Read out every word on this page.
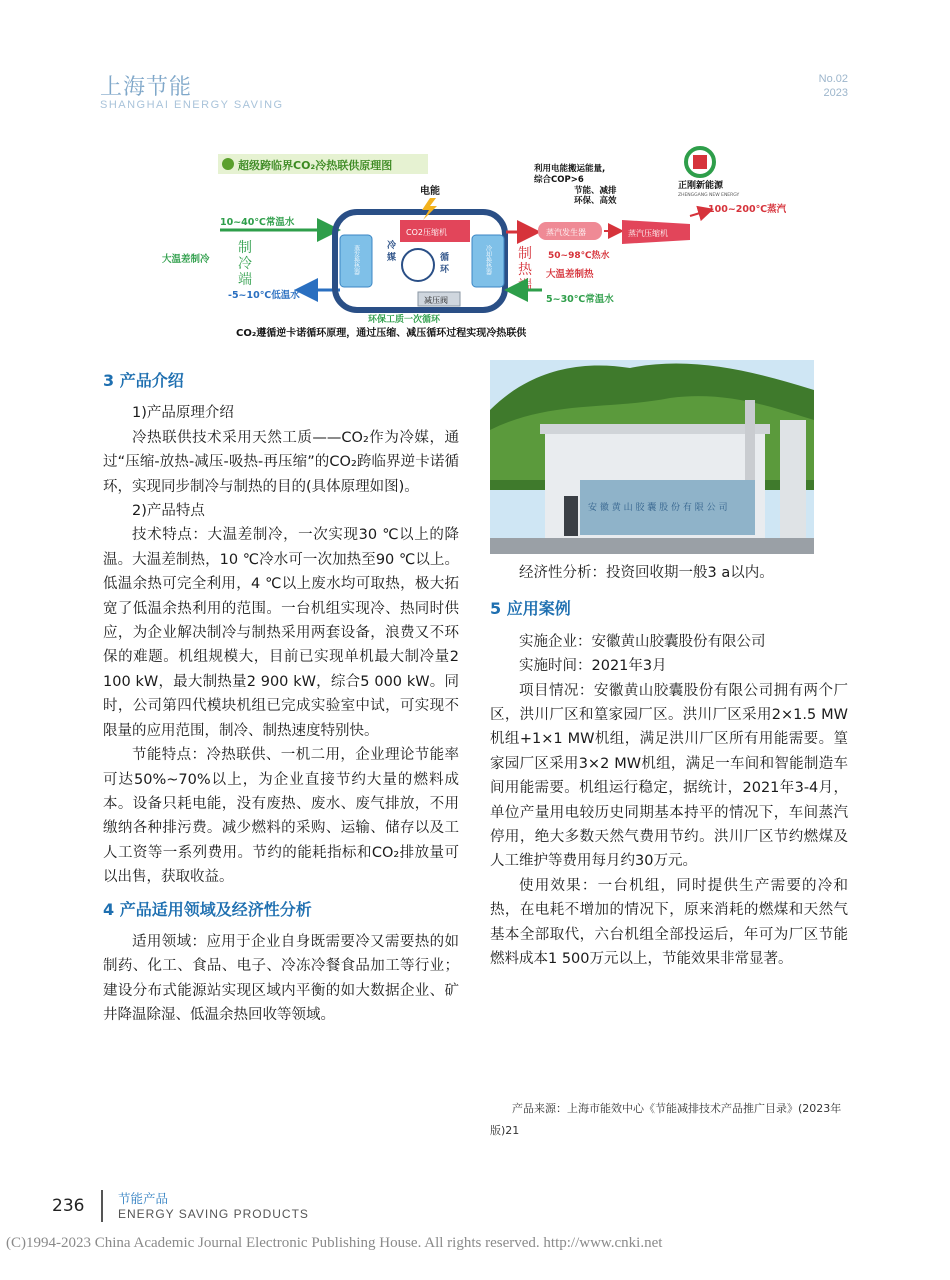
上海节能
SHANGHAI ENERGY SAVING
No.02
2023
超级跨临界CO₂冷热联供原理图
10~40℃常温水
大温差制冷
制
冷
端
-5~10℃低温水
蒸发换热器
CO2压缩机
电能
冷
媒	循
环	冷却换热器
减压阀
制
热
端
蒸汽发生器	蒸汽压缩机
100~200℃蒸汽
50~98℃热水
大温差制热
5~30℃常温水
利用电能搬运能量,
综合COP>6
节能、减排
环保、高效
正刚新能源
ZHENGGANG NEW ENERGY
环保工质一次循环
CO₂遵循逆卡诺循环原理，通过压缩、减压循环过程实现冷热联供
安 徽 黄 山 胶 囊 股 份 有 限 公 司
3 产品介绍

1)产品原理介绍

冷热联供技术采用天然工质——CO₂作为冷媒，通过“压缩-放热-减压-吸热-再压缩”的CO₂跨临界逆卡诺循环，实现同步制冷与制热的目的(具体原理如图)。

2)产品特点

技术特点：大温差制冷，一次实现30 ℃以上的降温。大温差制热，10 ℃冷水可一次加热至90 ℃以上。低温余热可完全利用，4 ℃以上废水均可取热，极大拓宽了低温余热利用的范围。一台机组实现冷、热同时供应，为企业解决制冷与制热采用两套设备，浪费又不环保的难题。机组规模大，目前已实现单机最大制冷量2 100 kW，最大制热量2 900 kW，综合5 000 kW。同时，公司第四代模块机组已完成实验室中试，可实现不限量的应用范围，制冷、制热速度特别快。

节能特点：冷热联供、一机二用，企业理论节能率可达50%~70%以上，为企业直接节约大量的燃料成本。设备只耗电能，没有废热、废水、废气排放，不用缴纳各种排污费。减少燃料的采购、运输、储存以及工人工资等一系列费用。节约的能耗指标和CO₂排放量可以出售，获取收益。

4 产品适用领域及经济性分析

适用领域：应用于企业自身既需要冷又需要热的如制药、化工、食品、电子、冷冻冷餐食品加工等行业；建设分布式能源站实现区域内平衡的如大数据企业、矿井降温除湿、低温余热回收等领域。

经济性分析：投资回收期一般3 a以内。

5 应用案例

实施企业：安徽黄山胶囊股份有限公司

实施时间：2021年3月

项目情况：安徽黄山胶囊股份有限公司拥有两个厂区，洪川厂区和篁家园厂区。洪川厂区采用2×1.5 MW机组+1×1 MW机组，满足洪川厂区所有用能需要。篁家园厂区采用3×2 MW机组，满足一车间和智能制造车间用能需要。机组运行稳定，据统计，2021年3-4月，单位产量用电较历史同期基本持平的情况下，车间蒸汽停用，绝大多数天然气费用节约。洪川厂区节约燃煤及人工维护等费用每月约30万元。

使用效果：一台机组，同时提供生产需要的冷和热，在电耗不增加的情况下，原来消耗的燃煤和天然气基本全部取代，六台机组全部投运后，年可为厂区节能燃料成本1 500万元以上，节能效果非常显著。

产品来源：上海市能效中心《节能减排技术产品推广目录》(2023年版)21
236	节能产品
ENERGY SAVING PRODUCTS
(C)1994-2023 China Academic Journal Electronic Publishing House. All rights reserved. http://www.cnki.net
